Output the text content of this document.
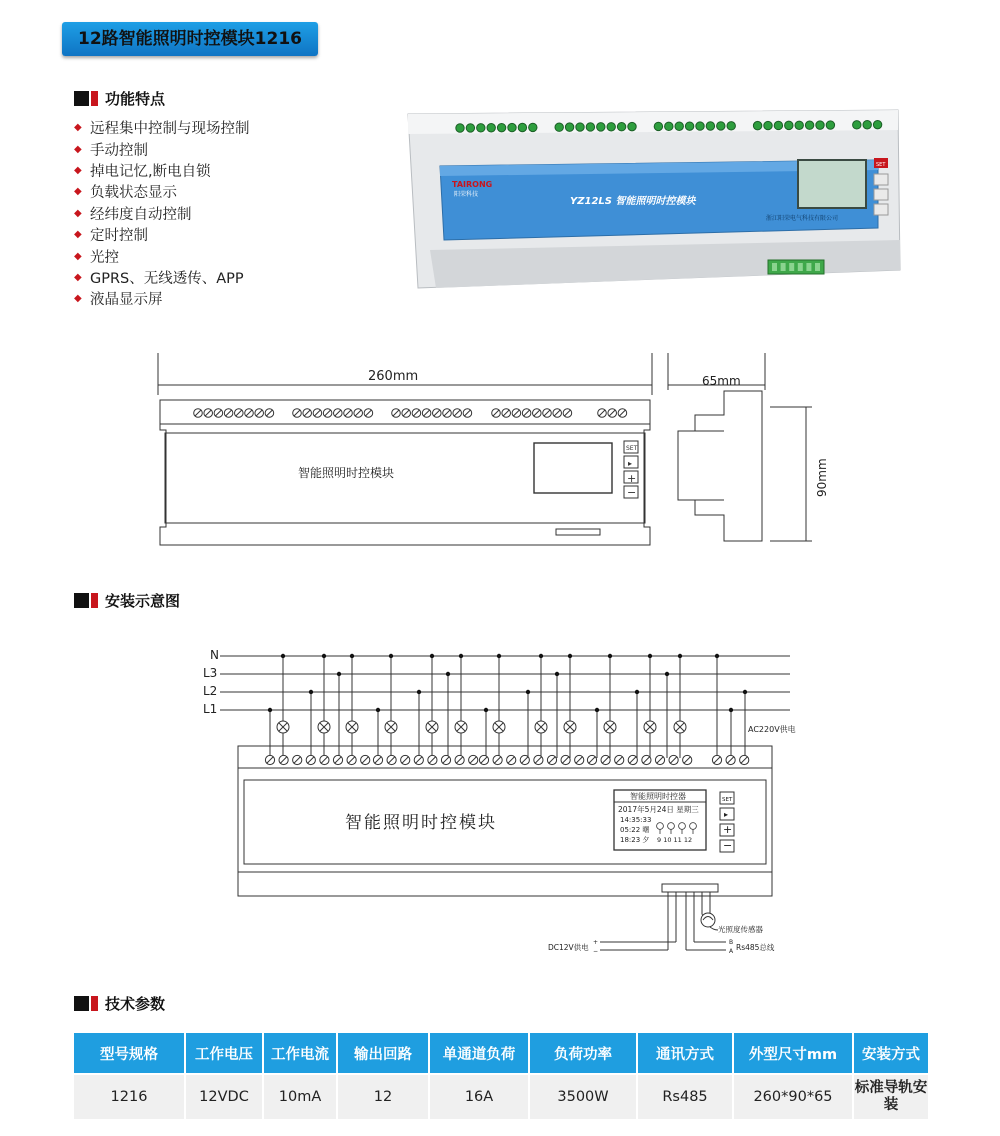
12路智能照明时控模块1216
功能特点
◆ 远程集中控制与现场控制
◆ 手动控制
◆ 掉电记忆,断电自锁
◆ 负载状态显示
◆ 经纬度自动控制
◆ 定时控制
◆ 光控
◆ GPRS、无线透传、APP
◆ 液晶显示屏
TAIRONG
阳荣科技
YZ12LS 智能照明时控模块
浙江阳荣电气科技有限公司
SET
260mm	65mm
90mm
智能照明时控模块
SET
▸
+
−
安装示意图
N
L3
L2
L1
AC220V供电
智能照明时控模块
智能照明时控器
2017年5月24日 星期三
14:35:33
05:22 曙
18:23 夕 9 10 11 12
SET
▸
+
−
光照度传感器
DC12V供电
+
−
B
A Rs485总线
技术参数
型号规格	工作电压	工作电流	输出回路	单通道负荷	负荷功率	通讯方式	外型尺寸mm	安装方式
1216	12VDC	10mA	12	16A	3500W	Rs485	260*90*65	标准导轨安装
